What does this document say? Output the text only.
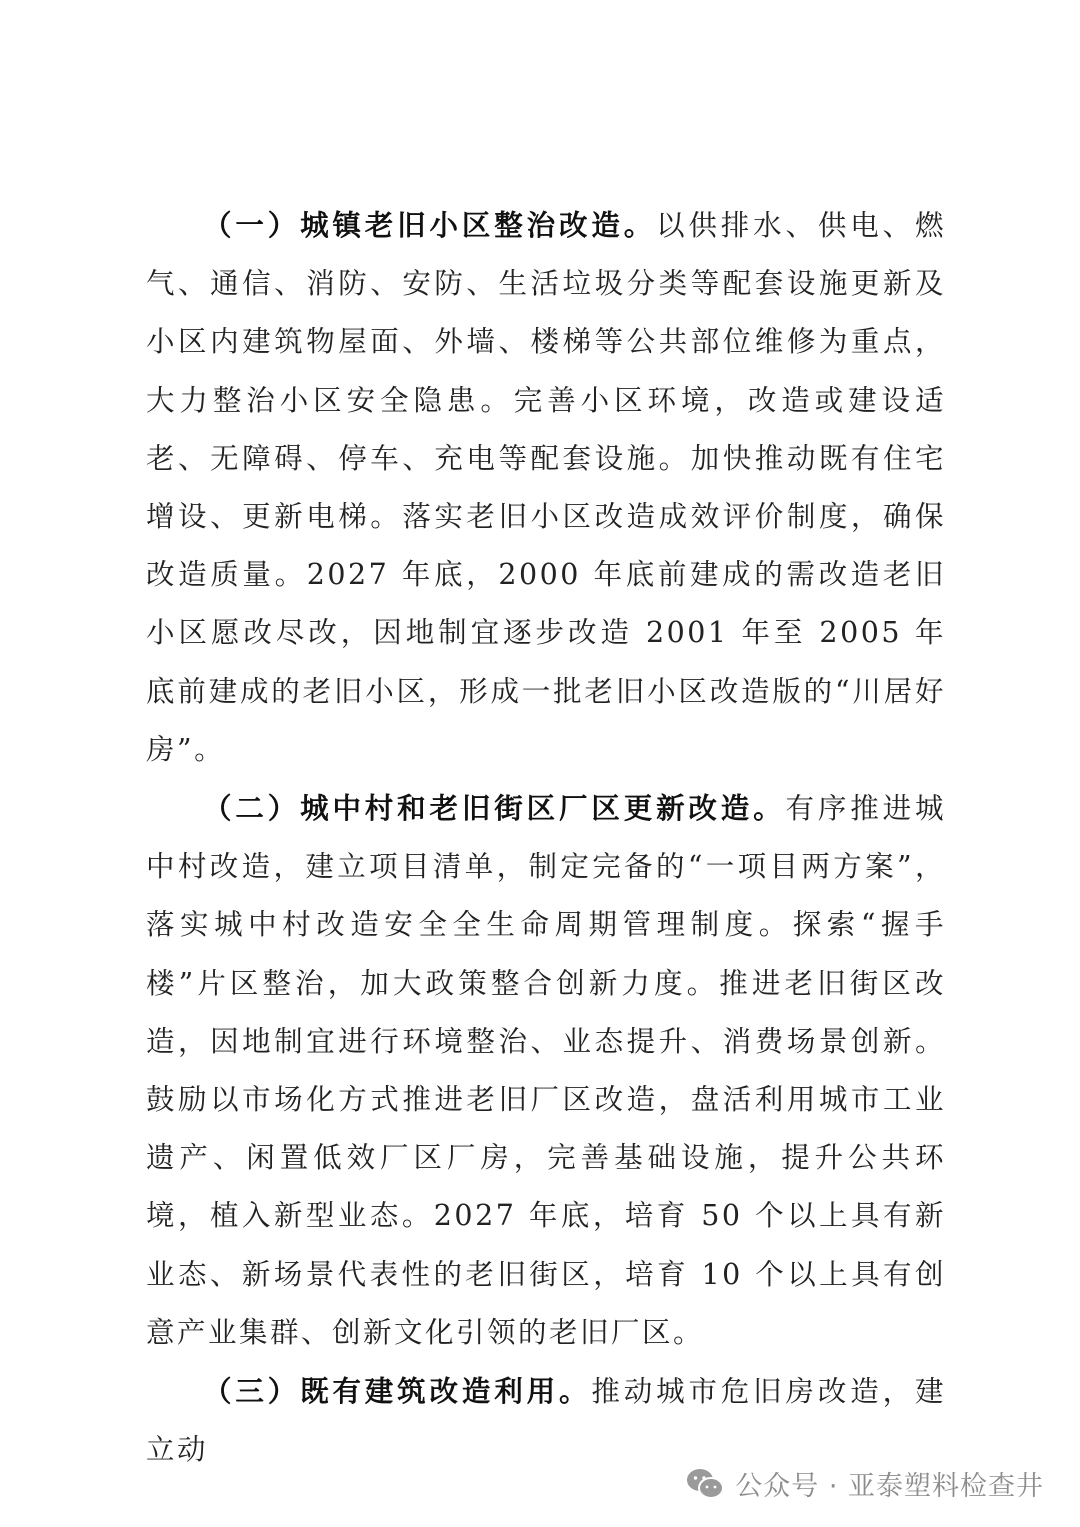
（一）城镇老旧小区整治改造。以供排水、供电、燃气、通信、消防、安防、生活垃圾分类等配套设施更新及小区内建筑物屋面、外墙、楼梯等公共部位维修为重点，大力整治小区安全隐患。完善小区环境，改造或建设适老、无障碍、停车、充电等配套设施。加快推动既有住宅增设、更新电梯。落实老旧小区改造成效评价制度，确保改造质量。2027 年底，2000 年底前建成的需改造老旧小区愿改尽改，因地制宜逐步改造 2001 年至 2005 年底前建成的老旧小区，形成一批老旧小区改造版的“川居好房”。

（二）城中村和老旧街区厂区更新改造。有序推进城中村改造，建立项目清单，制定完备的“一项目两方案”，落实城中村改造安全全生命周期管理制度。探索“握手楼”片区整治，加大政策整合创新力度。推进老旧街区改造，因地制宜进行环境整治、业态提升、消费场景创新。鼓励以市场化方式推进老旧厂区改造，盘活利用城市工业遗产、闲置低效厂区厂房，完善基础设施，提升公共环境，植入新型业态。2027 年底，培育 50 个以上具有新业态、新场景代表性的老旧街区，培育 10 个以上具有创意产业集群、创新文化引领的老旧厂区。

（三）既有建筑改造利用。推动城市危旧房改造，建立动

公众号 · 亚泰塑料检查井
